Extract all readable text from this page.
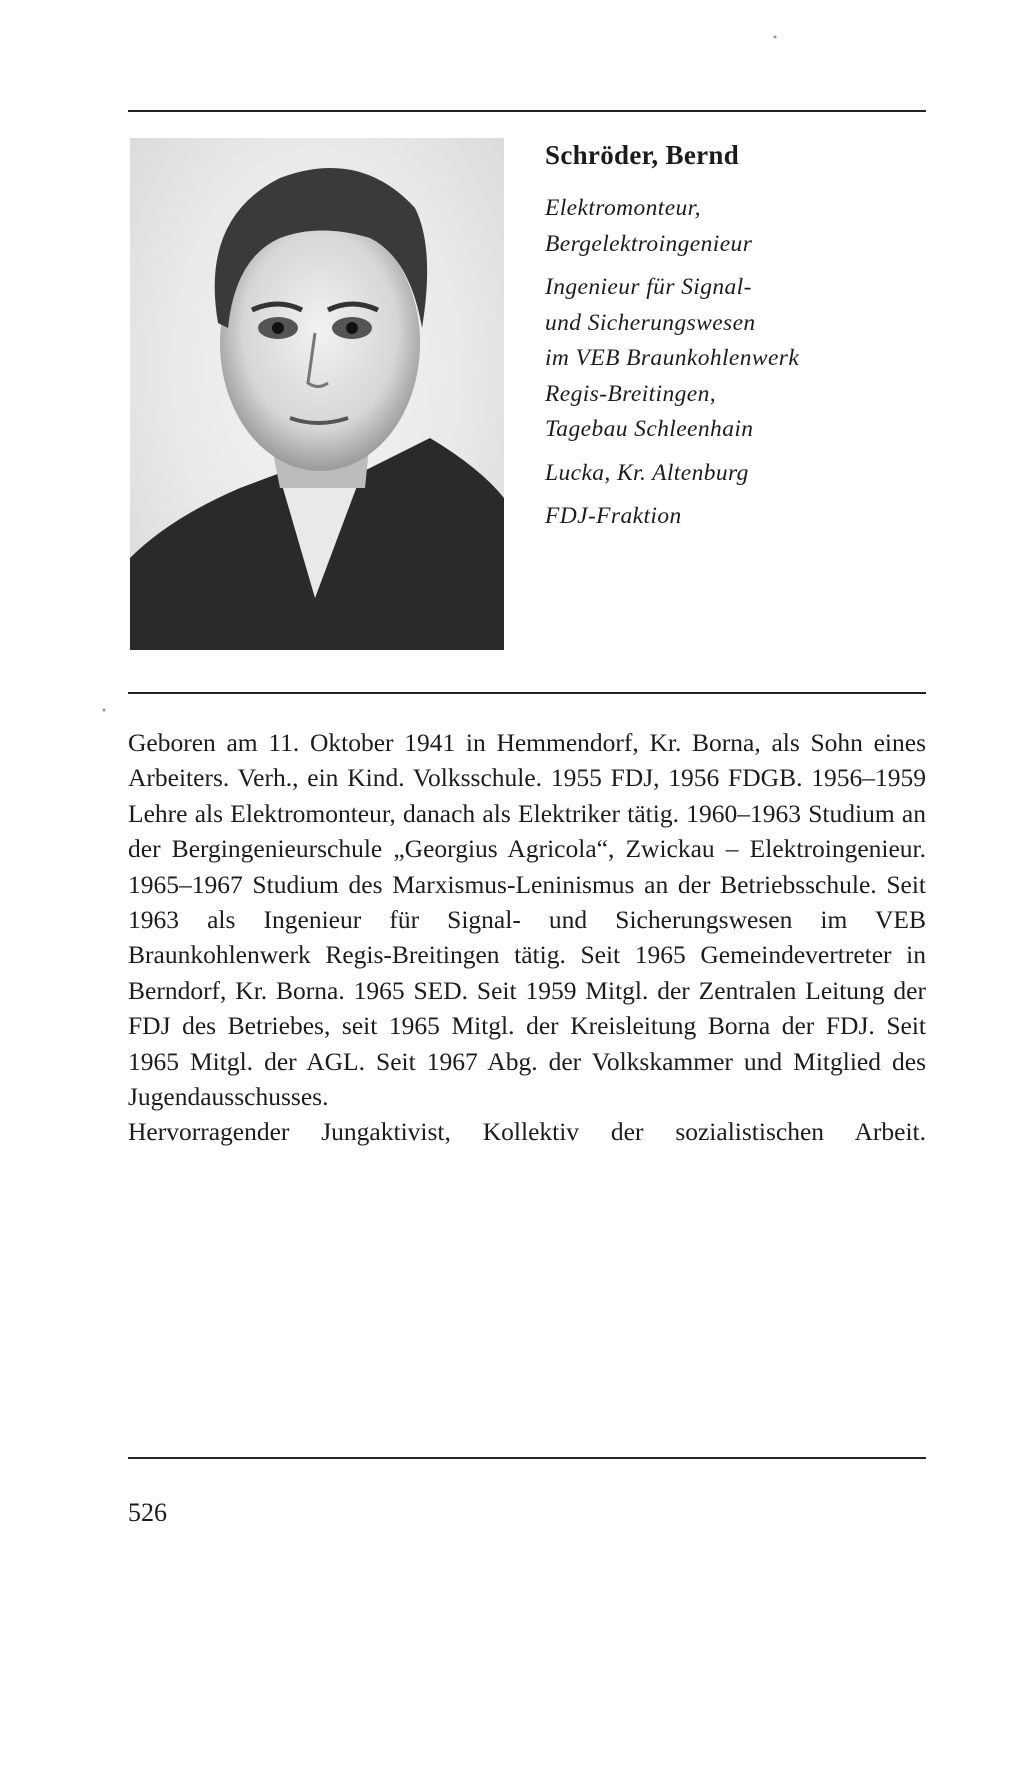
Schröder, Bernd

Elektromonteur,

Bergelektroingenieur

Ingenieur für Signal-

und Sicherungswesen

im VEB Braunkohlenwerk

Regis-Breitingen,

Tagebau Schleenhain

Lucka, Kr. Altenburg

FDJ-Fraktion

Geboren am 11. Oktober 1941 in Hemmendorf, Kr. Borna, als Sohn eines Arbeiters. Verh., ein Kind. Volksschule. 1955 FDJ, 1956 FDGB. 1956–1959 Lehre als Elektromonteur, danach als Elektriker tätig. 1960–1963 Studium an der Bergingenieurschule „Georgius Agricola“, Zwickau – Elektroingenieur. 1965–1967 Studium des Marxismus-Leninismus an der Betriebsschule. Seit 1963 als Ingenieur für Signal- und Sicherungswesen im VEB Braunkohlenwerk Regis-Breitingen tätig. Seit 1965 Gemeindevertreter in Berndorf, Kr. Borna. 1965 SED. Seit 1959 Mitgl. der Zentralen Leitung der FDJ des Betriebes, seit 1965 Mitgl. der Kreisleitung Borna der FDJ. Seit 1965 Mitgl. der AGL. Seit 1967 Abg. der Volkskammer und Mitglied des Jugendausschusses.

Hervorragender Jungaktivist, Kollektiv der sozialistischen Arbeit.

526
